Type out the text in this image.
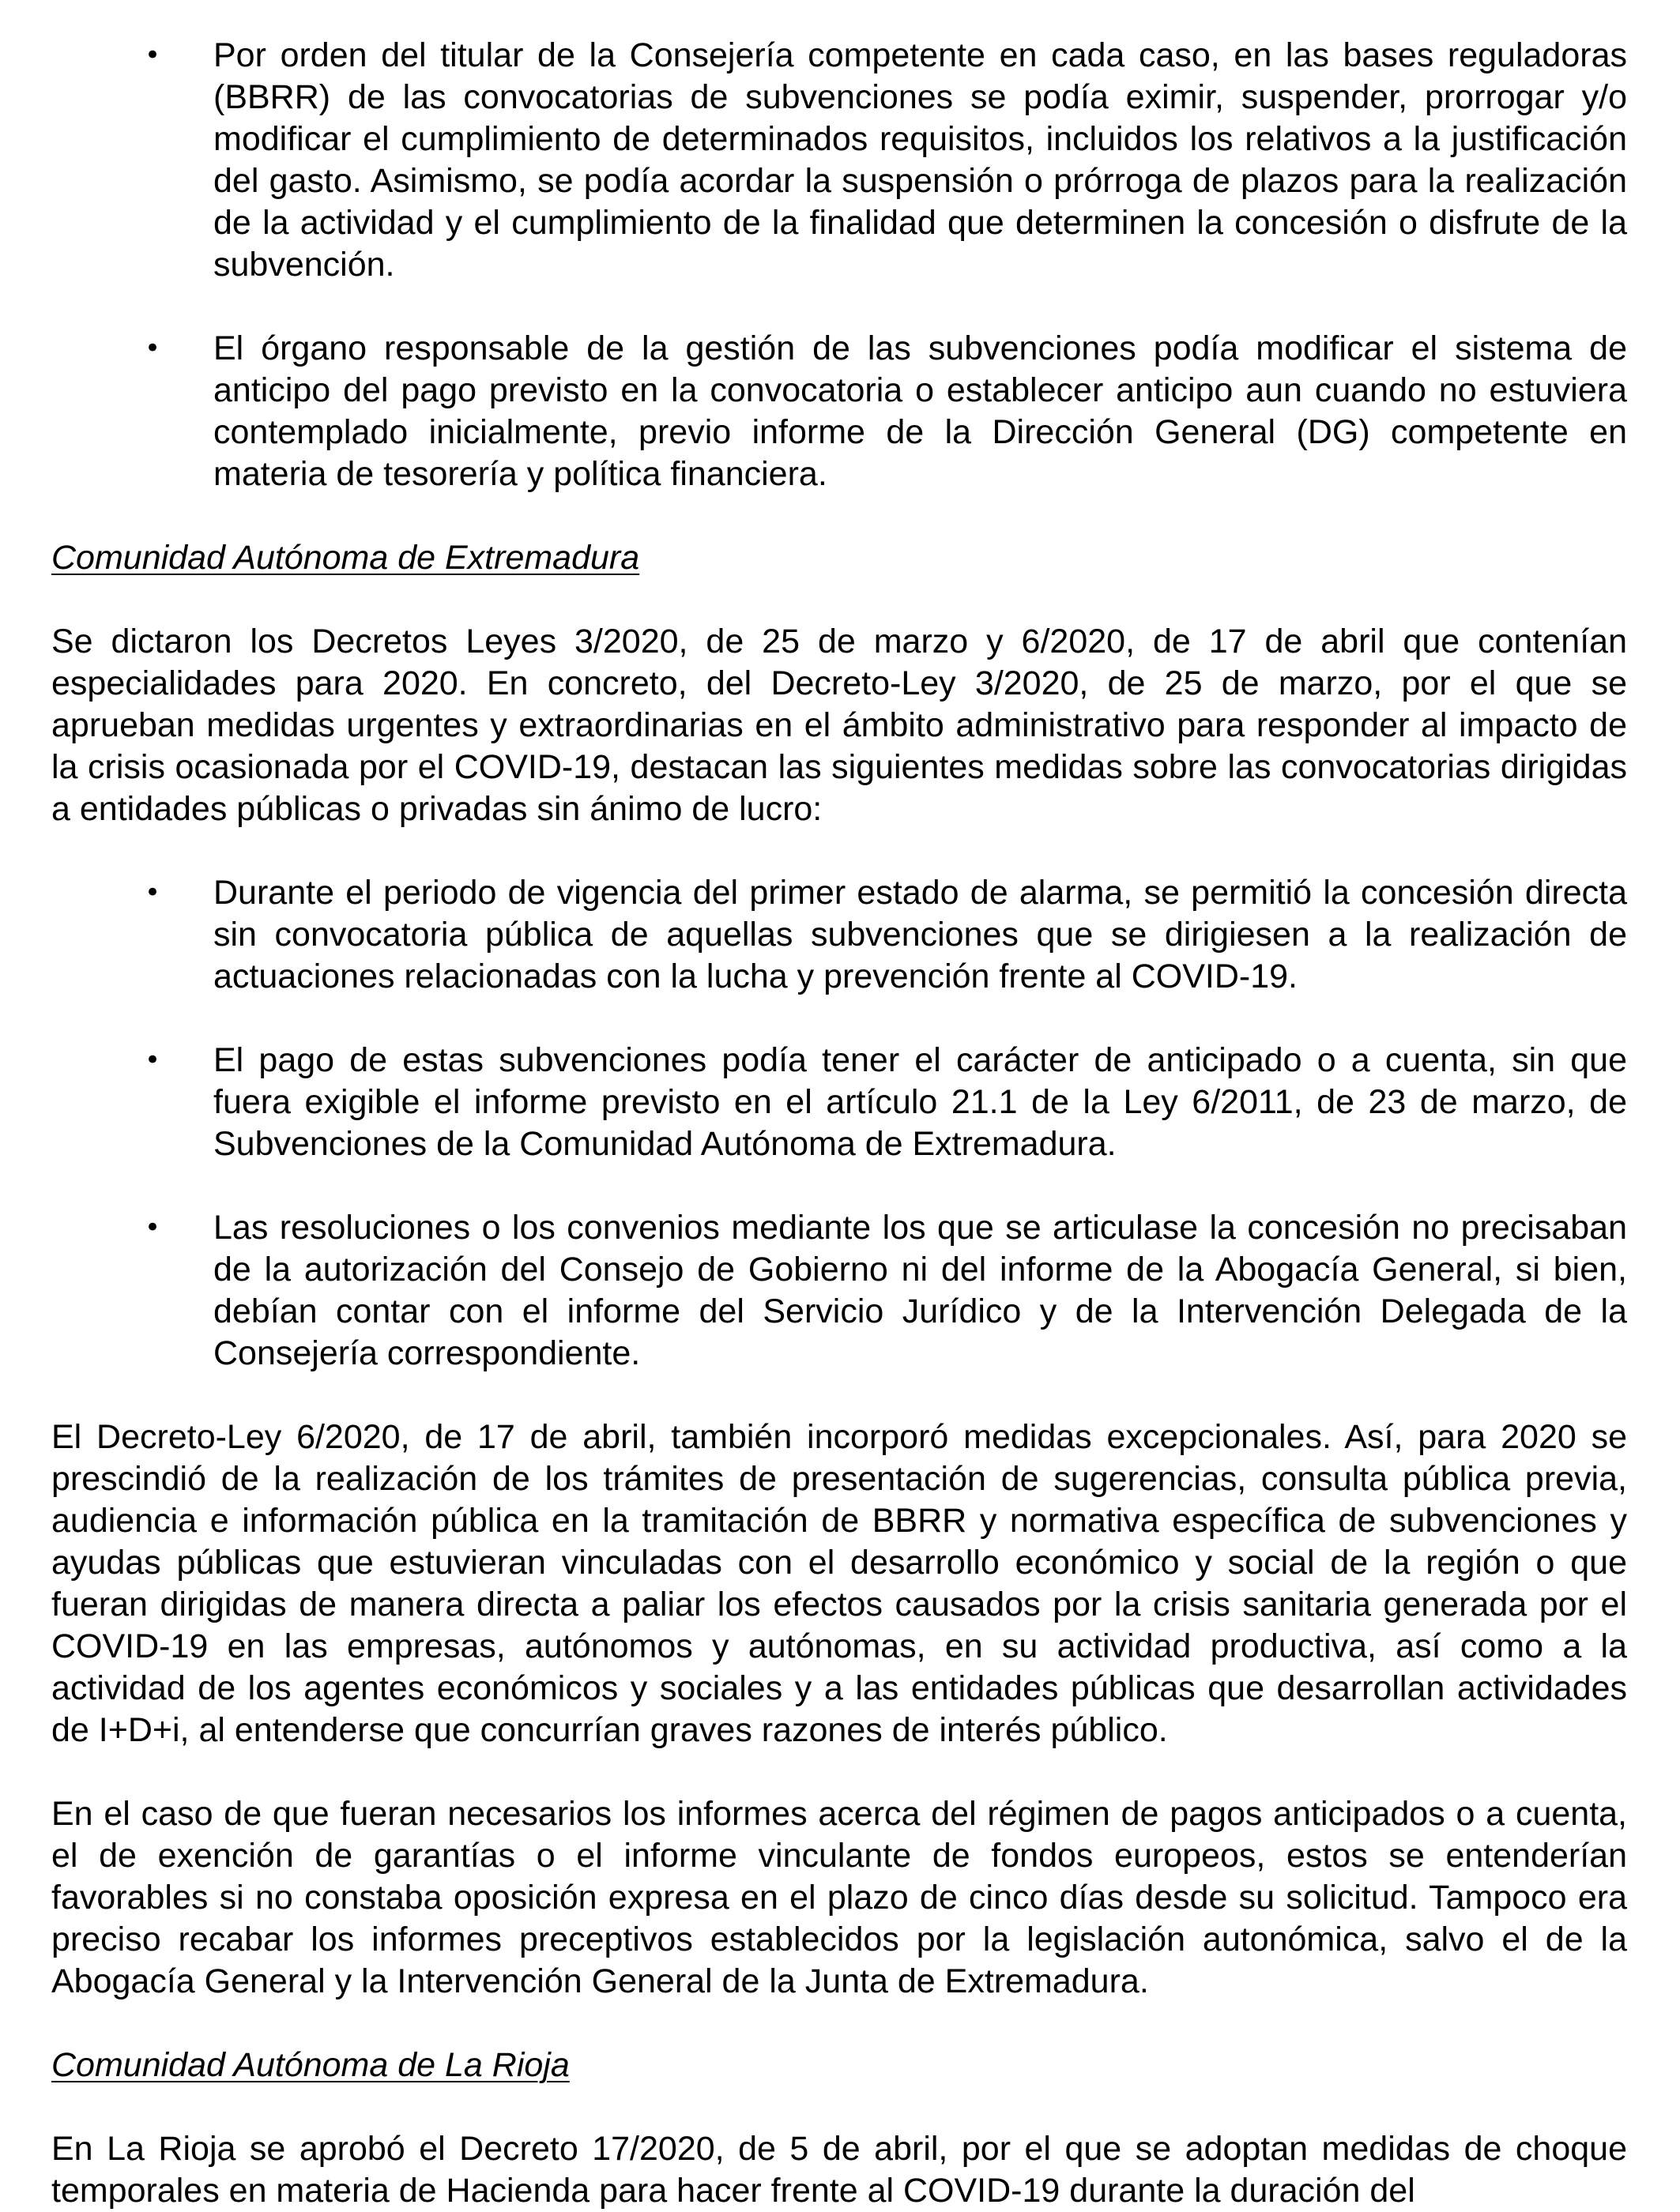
•	Por orden del titular de la Consejería competente en cada caso, en las bases reguladoras (BBRR) de las convocatorias de subvenciones se podía eximir, suspender, prorrogar y/o modificar el cumplimiento de determinados requisitos, incluidos los relativos a la justificación del gasto. Asimismo, se podía acordar la suspensión o prórroga de plazos para la realización de la actividad y el cumplimiento de la finalidad que determinen la concesión o disfrute de la subvención.
•	El órgano responsable de la gestión de las subvenciones podía modificar el sistema de anticipo del pago previsto en la convocatoria o establecer anticipo aun cuando no estuviera contemplado inicialmente, previo informe de la Dirección General (DG) competente en materia de tesorería y política financiera.

Comunidad Autónoma de Extremadura

Se dictaron los Decretos Leyes 3/2020, de 25 de marzo y 6/2020, de 17 de abril que contenían especialidades para 2020. En concreto, del Decreto-Ley 3/2020, de 25 de marzo, por el que se aprueban medidas urgentes y extraordinarias en el ámbito administrativo para responder al impacto de la crisis ocasionada por el COVID-19, destacan las siguientes medidas sobre las convocatorias dirigidas a entidades públicas o privadas sin ánimo de lucro:

•	Durante el periodo de vigencia del primer estado de alarma, se permitió la concesión directa sin convocatoria pública de aquellas subvenciones que se dirigiesen a la realización de actuaciones relacionadas con la lucha y prevención frente al COVID-19.
•	El pago de estas subvenciones podía tener el carácter de anticipado o a cuenta, sin que fuera exigible el informe previsto en el artículo 21.1 de la Ley 6/2011, de 23 de marzo, de Subvenciones de la Comunidad Autónoma de Extremadura.
•	Las resoluciones o los convenios mediante los que se articulase la concesión no precisaban de la autorización del Consejo de Gobierno ni del informe de la Abogacía General, si bien, debían contar con el informe del Servicio Jurídico y de la Intervención Delegada de la Consejería correspondiente.

El Decreto-Ley 6/2020, de 17 de abril, también incorporó medidas excepcionales. Así, para 2020 se prescindió de la realización de los trámites de presentación de sugerencias, consulta pública previa, audiencia e información pública en la tramitación de BBRR y normativa específica de subvenciones y ayudas públicas que estuvieran vinculadas con el desarrollo económico y social de la región o que fueran dirigidas de manera directa a paliar los efectos causados por la crisis sanitaria generada por el COVID-19 en las empresas, autónomos y autónomas, en su actividad productiva, así como a la actividad de los agentes económicos y sociales y a las entidades públicas que desarrollan actividades de I+D+i, al entenderse que concurrían graves razones de interés público.

En el caso de que fueran necesarios los informes acerca del régimen de pagos anticipados o a cuenta, el de exención de garantías o el informe vinculante de fondos europeos, estos se entenderían favorables si no constaba oposición expresa en el plazo de cinco días desde su solicitud. Tampoco era preciso recabar los informes preceptivos establecidos por la legislación autonómica, salvo el de la Abogacía General y la Intervención General de la Junta de Extremadura.

Comunidad Autónoma de La Rioja

En La Rioja se aprobó el Decreto 17/2020, de 5 de abril, por el que se adoptan medidas de choque temporales en materia de Hacienda para hacer frente al COVID-19 durante la duración del
